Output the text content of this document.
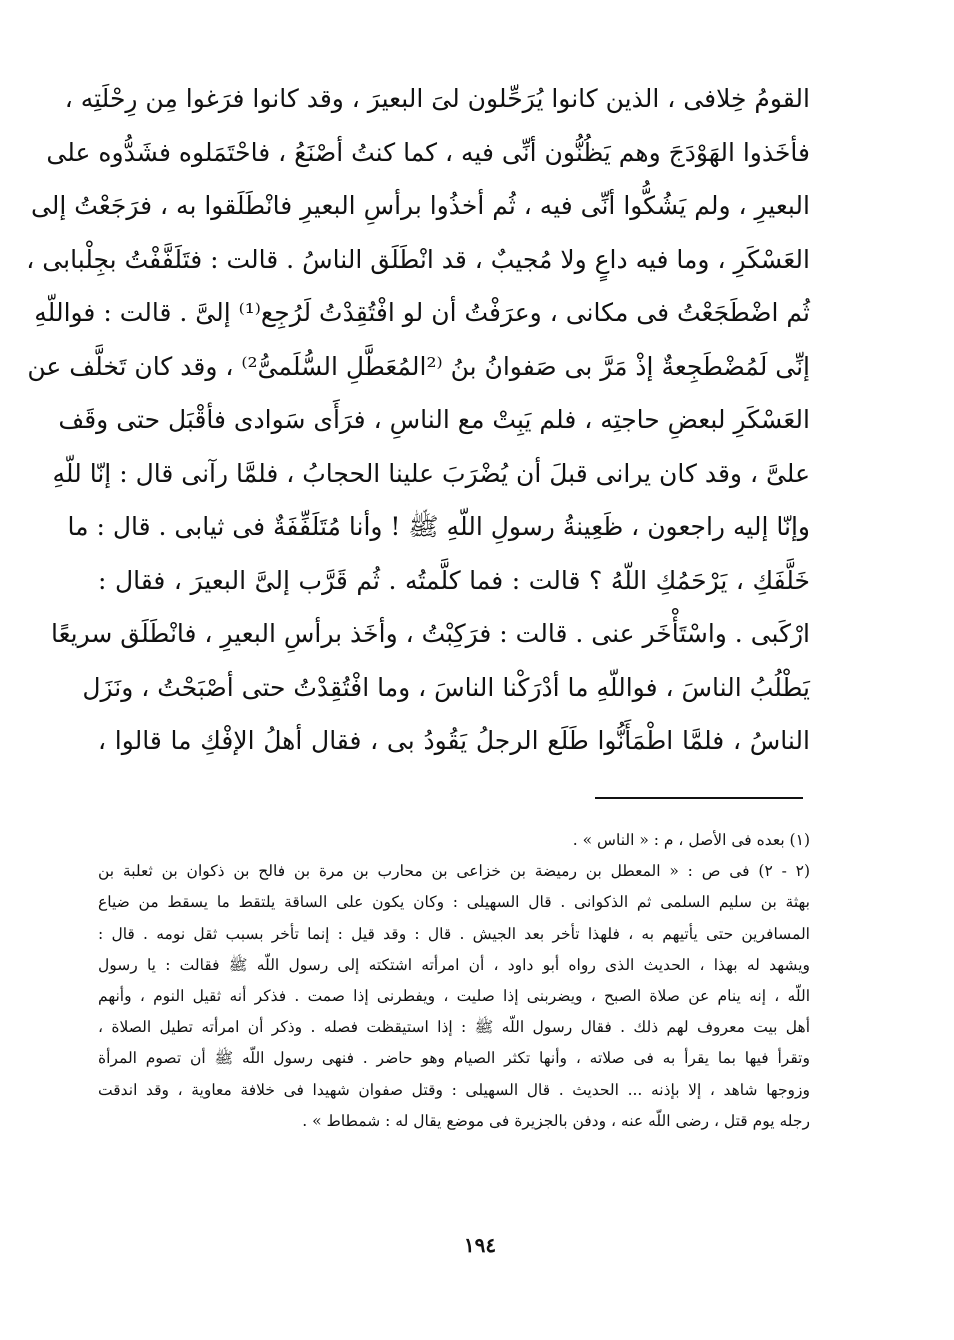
القومُ خِلافى ، الذين كانوا يُرَحِّلون لىَ البعيرَ ، وقد كانوا فرَغوا مِن رِحْلَتِه ،
فأخَذوا الهَوْدَجَ وهم يَظُنُّون أنِّى فيه ، كما كنتُ أصْنَعُ ، فاحْتَمَلوه فشَدُّوه على
البعيرِ ، ولم يَشُكُّوا أنِّى فيه ، ثُم أخذُوا برأسِ البعيرِ فانْطَلَقوا به ، فرَجَعْتُ إلى
العَسْكَرِ ، وما فيه داعٍ ولا مُجيبٌ ، قد انْطَلَق الناسُ . قالت : فتَلَفَّفْتُ بجِلْبابى ،
ثُم اضْطَجَعْتُ فى مكانى ، وعرَفْتُ أن لو افْتُقِدْتُ لَرُجِع⁽¹⁾ إلىَّ . قالت : فواللّهِ
إنِّى لَمُضْطَجِعةٌ إذْ مَرَّ بى صَفوانُ بنُ ⁽²المُعَطَّلِ السُّلَمىُّ²⁾ ، وقد كان تَخلَّف عن
العَسْكَرِ لبعضِ حاجتِه ، فلم يَبِتْ مع الناسِ ، فرَأَى سَوادى فأقْبَل حتى وقَف
علىَّ ، وقد كان يرانى قبلَ أن يُضْرَبَ علينا الحجابُ ، فلمَّا رآنى قال : إنّا للّهِ
وإنّا إليه راجعون ، ظَعِينةُ رسولِ اللّهِ ﷺ ! وأنا مُتَلَفِّفَةٌ فى ثيابى . قال : ما
خَلَّفَكِ ، يَرْحَمُكِ اللّهُ ؟ قالت : فما كلَّمتُه . ثُم قَرَّب إلىَّ البعيرَ ، فقال :
ارْكَبى . واسْتَأْخَر عنى . قالت : فرَكِبْتُ ، وأخَذ برأسِ البعيرِ ، فانْطَلَق سريعًا
يَطْلُبُ الناسَ ، فواللّهِ ما أدْرَكْنا الناسَ ، وما افْتُقِدْتُ حتى أصْبَحْتُ ، ونَزَل
الناسُ ، فلمَّا اطْمَأَنُّوا طَلَع الرجلُ يَقُودُ بى ، فقال أهلُ الإفْكِ ما قالوا ،
(١) بعده فى الأصل ، م : « الناس » .
(٢ - ٢) فى ص : « المعطل بن رميضة بن خزاعى بن محارب بن مرة بن فالح بن ذكوان بن ثعلبة بن
بهثة بن سليم السلمى ثم الذكوانى . قال السهيلى : وكان يكون على الساقة يلتقط ما يسقط من ضياع
المسافرين حتى يأتيهم به ، فلهذا تأخر بعد الجيش . قال : وقد قيل : إنما تأخر بسبب ثقل نومه . قال :
ويشهد له بهذا ، الحديث الذى رواه أبو داود ، أن امرأته اشتكته إلى رسول اللّه ﷺ فقالت : يا رسول
اللّه ، إنه ينام عن صلاة الصبح ، ويضربنى إذا صليت ، ويفطرنى إذا صمت . فذكر أنه ثقيل النوم ، وأنهم
أهل بيت معروف لهم ذلك . فقال رسول اللّه ﷺ : إذا استيقظت فصله . وذكر أن امرأته تطيل الصلاة ،
وتقرأ فيها بما يقرأ به فى صلاته ، وأنها تكثر الصيام وهو حاضر . فنهى رسول اللّه ﷺ أن تصوم المرأة
وزوجها شاهد ، إلا بإذنه ... الحديث . قال السهيلى : وقتل صفوان شهيدا فى خلافة معاوية ، وقد اندقت
رجله يوم قتل ، رضى اللّه عنه ، ودفن بالجزيرة فى موضع يقال له : شمطاط » .
١٩٤
